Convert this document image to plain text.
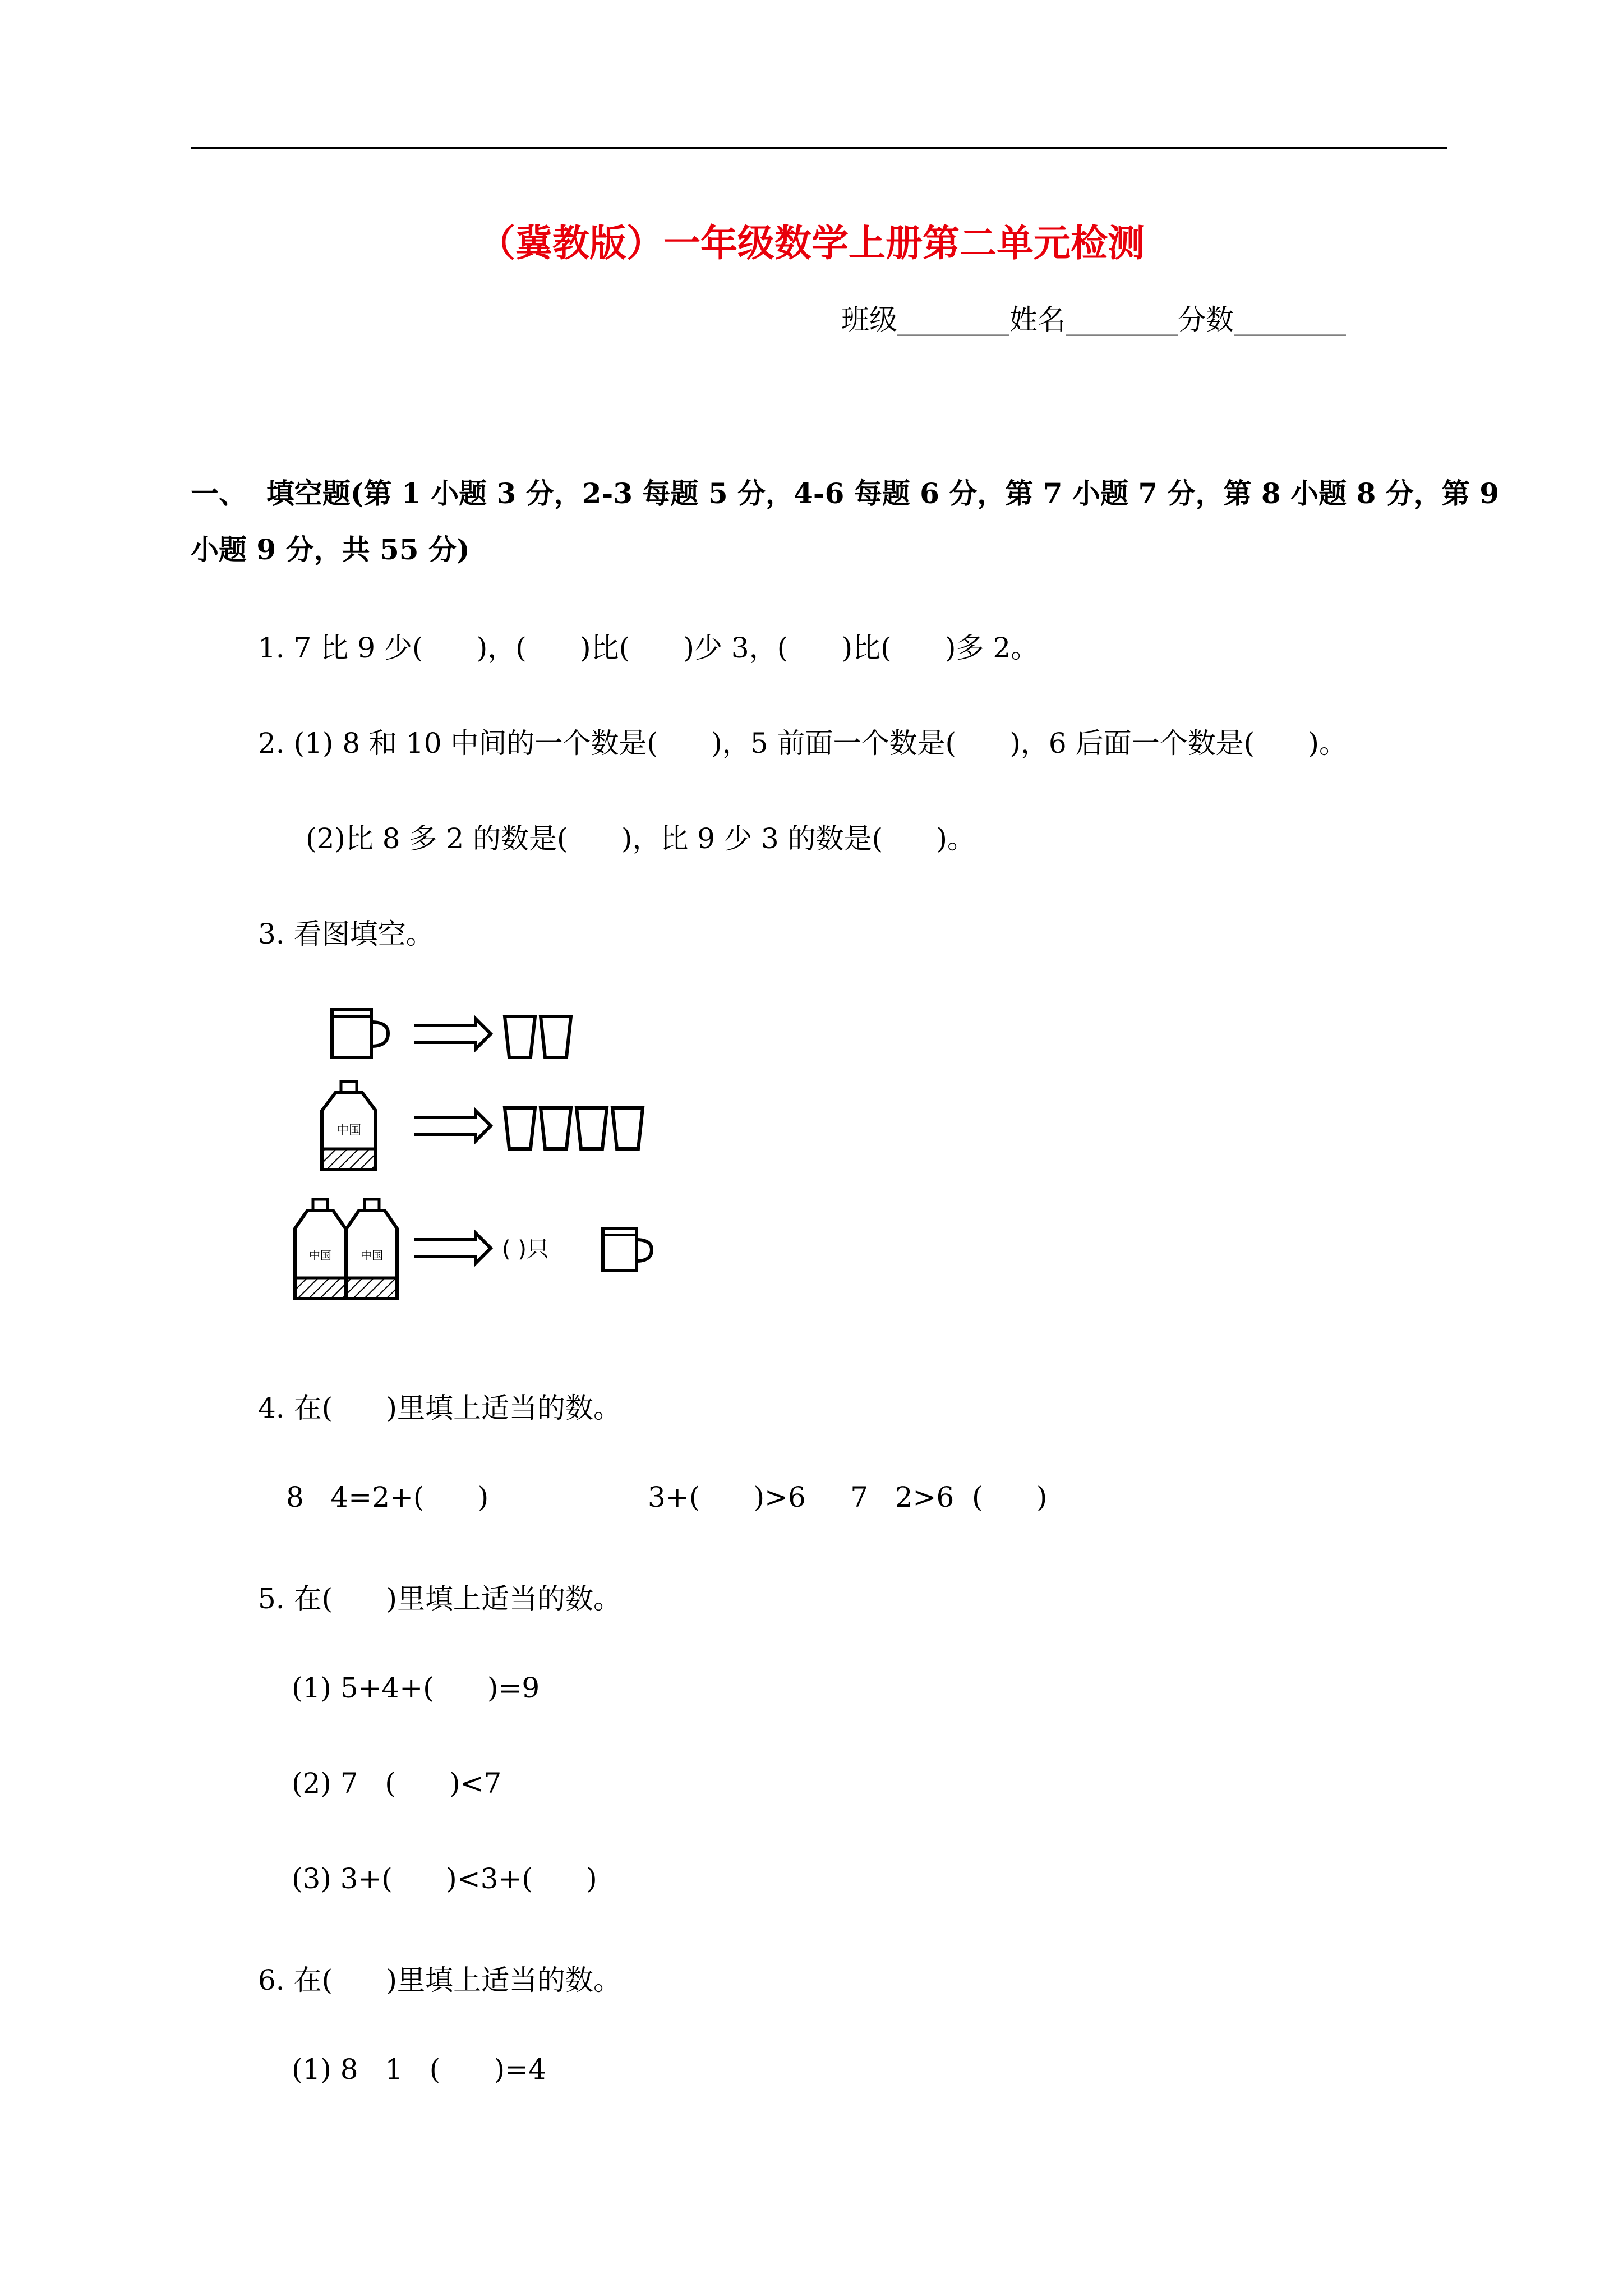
（冀教版）一年级数学上册第二单元检测
班级________姓名________分数________
一、  填空题(第 1 小题 3 分，2-3 每题 5 分，4-6 每题 6 分，第 7 小题 7 分，第 8 小题 8 分，第 9
小题 9 分，共 55 分)
1. 7 比 9 少(      )，(      )比(      )少 3，(      )比(      )多 2。
2. (1) 8 和 10 中间的一个数是(      )，5 前面一个数是(      )，6 后面一个数是(      )。
(2)比 8 多 2 的数是(      )，比 9 少 3 的数是(      )。
3. 看图填空。
中国
中国	中国	( )只
4. 在(      )里填上适当的数。
8   4=2+(      )	3+(      )>6     7   2>6  (      )
5. 在(      )里填上适当的数。
(1) 5+4+(      )=9
(2) 7   (      )<7
(3) 3+(      )<3+(      )
6. 在(      )里填上适当的数。
(1) 8   1   (      )=4
